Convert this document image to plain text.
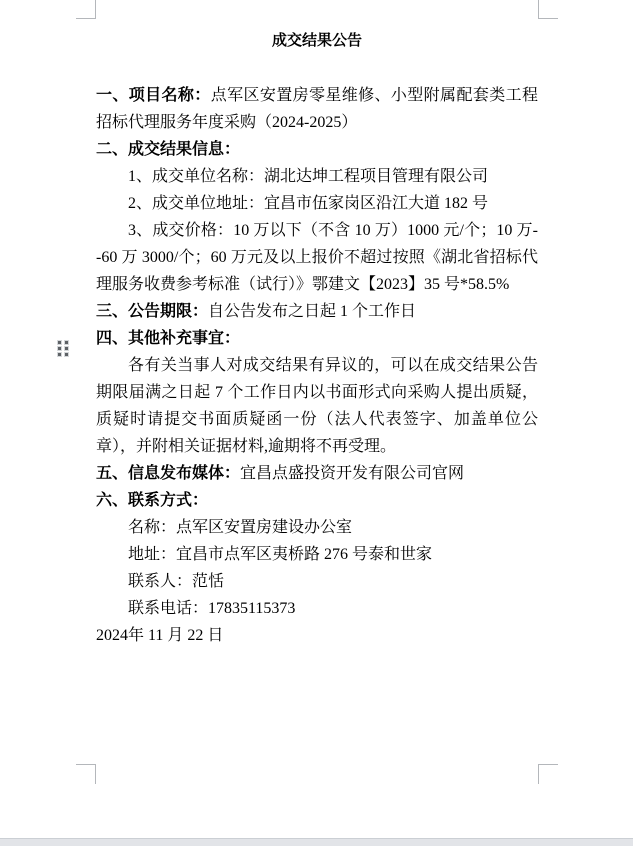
成交结果公告

一、项目名称：点军区安置房零星维修、小型附属配套类工程招标代理服务年度采购（2024-2025）

二、成交结果信息：

1、成交单位名称：湖北达坤工程项目管理有限公司

2、成交单位地址：宜昌市伍家岗区沿江大道 182 号

3、成交价格：10 万以下（不含 10 万）1000 元/个；10 万--60 万 3000/个；60 万元及以上报价不超过按照《湖北省招标代理服务收费参考标准（试行）》鄂建文【2023】35 号*58.5%

三、公告期限：自公告发布之日起 1 个工作日

四、其他补充事宜：

各有关当事人对成交结果有异议的，可以在成交结果公告期限届满之日起 7 个工作日内以书面形式向采购人提出质疑，质疑时请提交书面质疑函一份（法人代表签字、加盖单位公章），并附相关证据材料,逾期将不再受理。

五、信息发布媒体：宜昌点盛投资开发有限公司官网

六、联系方式：

名称：点军区安置房建设办公室

地址：宜昌市点军区夷桥路 276 号泰和世家

联系人：范恬

联系电话：17835115373

2024年 11 月 22 日
